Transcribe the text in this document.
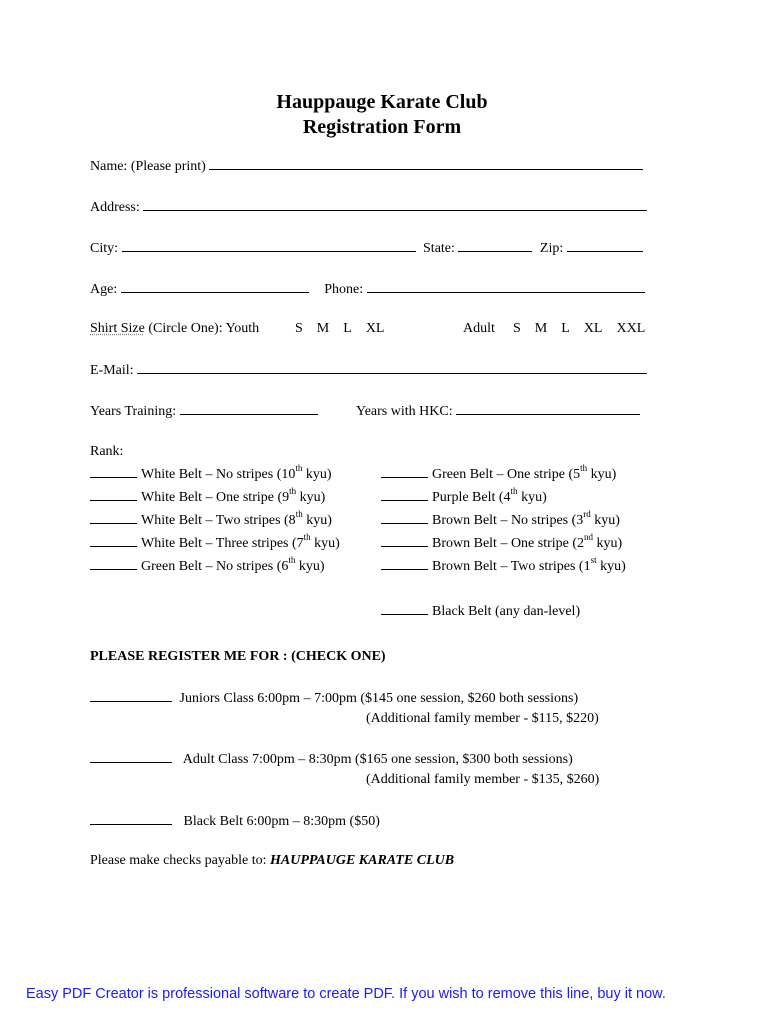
Hauppauge Karate Club
Registration Form
Name: (Please print)
Address:
City:	State:	Zip:
Age:	Phone:
Shirt Size (Circle One): Youth	S M L XL	Adult S M L XL XXL
E-Mail:
Years Training:	Years with HKC:
Rank:
White Belt – No stripes (10th kyu)
White Belt – One stripe (9th kyu)
White Belt – Two stripes (8th kyu)
White Belt – Three stripes (7th kyu)
Green Belt – No stripes (6th kyu)
Green Belt – One stripe (5th kyu)
Purple Belt (4th kyu)
Brown Belt – No stripes (3rd kyu)
Brown Belt – One stripe (2nd kyu)
Brown Belt – Two stripes (1st kyu)
Black Belt (any dan-level)
PLEASE REGISTER ME FOR : (CHECK ONE)
Juniors Class 6:00pm – 7:00pm ($145 one session, $260 both sessions)
(Additional family member - $115, $220)
Adult Class 7:00pm – 8:30pm ($165 one session, $300 both sessions)
(Additional family member - $135, $260)
Black Belt 6:00pm – 8:30pm ($50)
Please make checks payable to: HAUPPAUGE KARATE CLUB
Easy PDF Creator is professional software to create PDF. If you wish to remove this line, buy it now.
